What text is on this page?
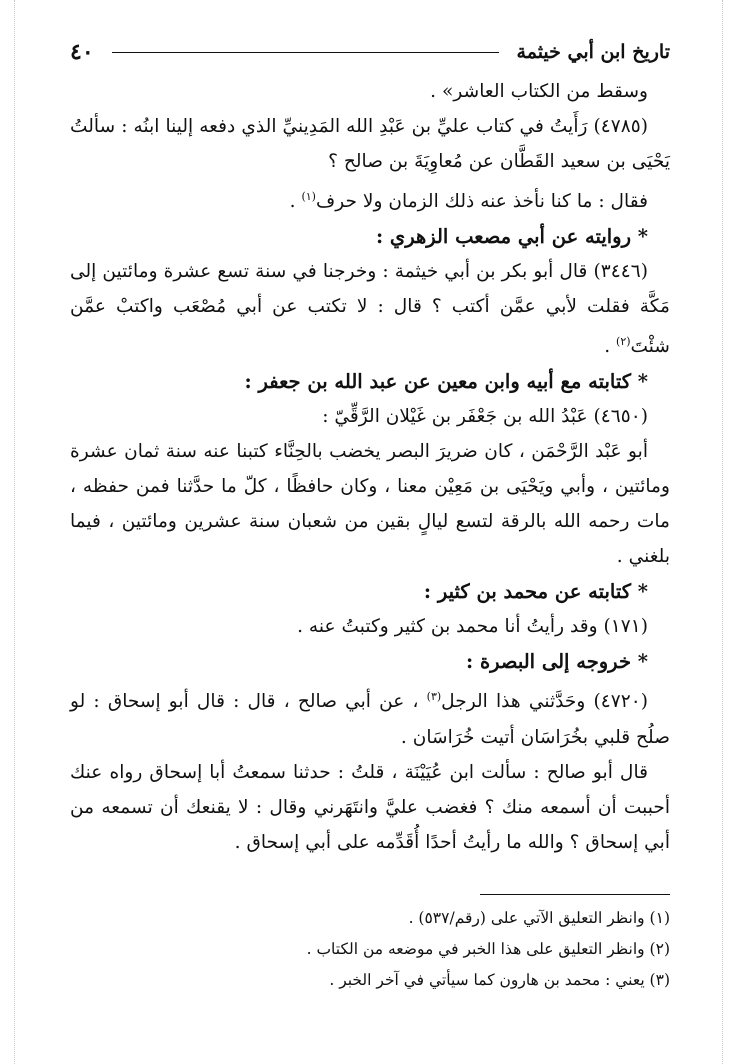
تاريخ ابن أبي خيثمة
٤٠

وسقط من الكتاب العاشر» .

(٤٧٨٥) رَأَيتُ في كتاب عليِّ بن عَبْدِ الله المَدِينيِّ الذي دفعه إلينا ابنُه : سألتُ يَحْيَى بن سعيد القَطَّان عن مُعاوِيَةَ بن صالح ؟

فقال : ما كنا نأخذ عنه ذلك الزمان ولا حرف$^{(١)}$ .

* روايته عن أبي مصعب الزهري :

(٣٤٤٦) قال أبو بكر بن أبي خيثمة : وخرجنا في سنة تسع عشرة ومائتين إلى مَكَّة فقلت لأبي عمَّن أكتب ؟ قال : لا تكتب عن أبي مُصْعَب واكتبْ عمَّن شئْتَ$^{(٢)}$ .

* كتابته مع أبيه وابن معين عن عبد الله بن جعفر :

(٤٦٥٠) عَبْدُ الله بن جَعْفَر بن غَيْلان الرَّقِّيّ :

أبو عَبْد الرَّحْمَن ، كان ضريرَ البصر يخضب بالحِنَّاء كتبنا عنه سنة ثمان عشرة ومائتين ، وأبي ويَحْيَى بن مَعِيْن معنا ، وكان حافظًا ، كلّ ما حدَّثنا فمن حفظه ، مات رحمه الله بالرقة لتسع ليالٍ بقين من شعبان سنة عشرين ومائتين ، فيما بلغني .

* كتابته عن محمد بن كثير :

(١٧١) وقد رأيتُ أنا محمد بن كثير وكتبتُ عنه .

* خروجه إلى البصرة :

(٤٧٢٠) وحَدَّثني هذا الرجل$^{(٣)}$ ، عن أبي صالح ، قال : قال أبو إسحاق : لو صلُح قلبي بخُرَاسَان أتيت خُرَاسَان .

قال أبو صالح : سألت ابن عُيَيْنَة ، قلتُ : حدثنا سمعتُ أبا إسحاق رواه عنك أحببت أن أسمعه منك ؟ فغضب عليَّ وانتَهَرني وقال : لا يقنعك أن تسمعه من أبي إسحاق ؟ والله ما رأيتُ أحدًا أُقَدِّمه على أبي إسحاق .

(١) وانظر التعليق الآتي على (رقم/٥٣٧) .

(٢) وانظر التعليق على هذا الخبر في موضعه من الكتاب .

(٣) يعني : محمد بن هارون كما سيأتي في آخر الخبر .
